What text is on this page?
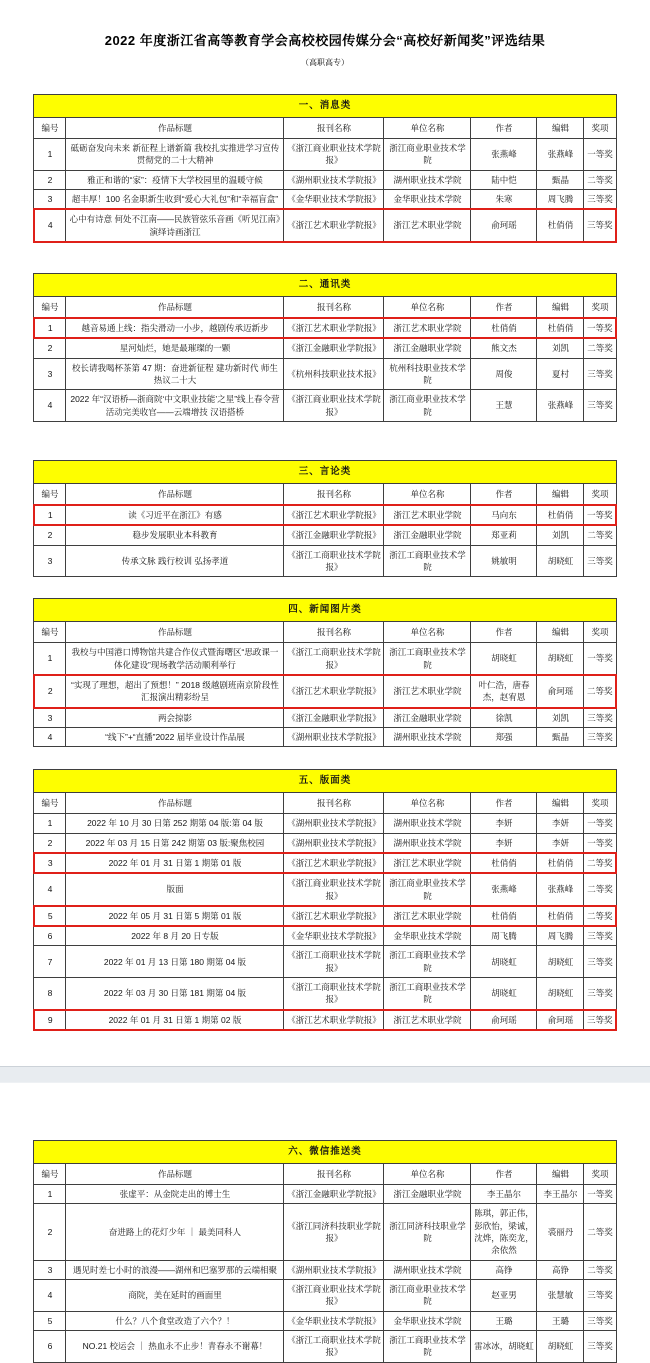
2022 年度浙江省高等教育学会高校校园传媒分会“高校好新闻奖”评选结果
（高职高专）
一、消息类						
编号	作品标题	报刊名称	单位名称	作者	编辑	奖项
1	砥砺奋发向未来 新征程上谱新篇 我校扎实推进学习宣传贯彻党的二十大精神	《浙江商业职业技术学院报》	浙江商业职业技术学院	张燕峰	张燕峰	一等奖
2	雅正和谐的“家”：疫情下大学校园里的温暖守候	《湖州职业技术学院报》	湖州职业技术学院	陆中恺	甄晶	二等奖
3	超丰厚！100 名金职新生收到“爱心大礼包”和“幸福盲盒”	《金华职业技术学院报》	金华职业技术学院	朱寒	周飞腾	三等奖
4	心中有诗意 何处不江南——民族管弦乐音画《听见江南》演绎诗画浙江	《浙江艺术职业学院报》	浙江艺术职业学院	俞珂瑶	杜俏俏	三等奖
二、通讯类						
编号	作品标题	报刊名称	单位名称	作者	编辑	奖项
1	越音易通上线：指尖滑动一小步，越剧传承迈新步	《浙江艺术职业学院报》	浙江艺术职业学院	杜俏俏	杜俏俏	一等奖
2	星河灿烂，她是最璀璨的一颗	《浙江金融职业学院报》	浙江金融职业学院	熊文杰	刘凯	二等奖
3	校长请我喝杯茶第 47 期：奋进新征程 建功新时代 师生热议二十大	《杭州科技职业技术报》	杭州科技职业技术学院	周俊	夏村	三等奖
4	2022 年“汉语桥—浙商院‘中文职业技能’之星”线上春令营活动完美收官——云端增技 汉语搭桥	《浙江商业职业技术学院报》	浙江商业职业技术学院	王慧	张燕峰	三等奖
三、言论类						
编号	作品标题	报刊名称	单位名称	作者	编辑	奖项
1	读《习近平在浙江》有感	《浙江艺术职业学院报》	浙江艺术职业学院	马向东	杜俏俏	一等奖
2	稳步发展职业本科教育	《浙江金融职业学院报》	浙江金融职业学院	郑亚莉	刘凯	二等奖
3	传承文脉 践行校训 弘扬孝道	《浙江工商职业技术学院报》	浙江工商职业技术学院	姚敏明	胡晓虹	三等奖
四、新闻图片类						
编号	作品标题	报刊名称	单位名称	作者	编辑	奖项
1	我校与中国港口博物馆共建合作仪式暨海曙区“思政课一体化建设”现场教学活动顺利举行	《浙江工商职业技术学院报》	浙江工商职业技术学院	胡晓虹	胡晓虹	一等奖
2	“实现了理想，超出了预想！” 2018 级越剧班南京阶段性汇报演出精彩纷呈	《浙江艺术职业学院报》	浙江艺术职业学院	叶仁浩，唐春杰，赵宥恩	俞珂瑶	二等奖
3	两会掠影	《浙江金融职业学院报》	浙江金融职业学院	徐凯	刘凯	三等奖
4	“线下”+“直播”2022 届毕业设计作品展	《湖州职业技术学院报》	湖州职业技术学院	郑强	甄晶	三等奖
五、版面类						
编号	作品标题	报刊名称	单位名称	作者	编辑	奖项
1	2022 年 10 月 30 日第 252 期第 04 版:第 04 版	《湖州职业技术学院报》	湖州职业技术学院	李妍	李妍	一等奖
2	2022 年 03 月 15 日第 242 期第 03 版:聚焦校园	《湖州职业技术学院报》	湖州职业技术学院	李妍	李妍	一等奖
3	2022 年 01 月 31 日第 1 期第 01 版	《浙江艺术职业学院报》	浙江艺术职业学院	杜俏俏	杜俏俏	二等奖
4	版面	《浙江商业职业技术学院报》	浙江商业职业技术学院	张燕峰	张燕峰	二等奖
5	2022 年 05 月 31 日第 5 期第 01 版	《浙江艺术职业学院报》	浙江艺术职业学院	杜俏俏	杜俏俏	二等奖
6	2022 年 8 月 20 日专版	《金华职业技术学院报》	金华职业技术学院	周飞腾	周飞腾	三等奖
7	2022 年 01 月 13 日第 180 期第 04 版	《浙江工商职业技术学院报》	浙江工商职业技术学院	胡晓虹	胡晓虹	三等奖
8	2022 年 03 月 30 日第 181 期第 04 版	《浙江工商职业技术学院报》	浙江工商职业技术学院	胡晓虹	胡晓虹	三等奖
9	2022 年 01 月 31 日第 1 期第 02 版	《浙江艺术职业学院报》	浙江艺术职业学院	俞珂瑶	俞珂瑶	三等奖
六、微信推送类						
编号	作品标题	报刊名称	单位名称	作者	编辑	奖项
1	张虚平：从金院走出的博士生	《浙江金融职业学院报》	浙江金融职业学院	李王晶尔	李王晶尔	一等奖
2	奋进路上的花灯少年 ｜ 最美同科人	《浙江同济科技职业学院报》	浙江同济科技职业学院	陈琪，郭正伟，彭欣怡，梁诚，沈烨，陈奕龙，余依然	裘丽丹	二等奖
3	遇见时差七小时的浪漫——湖州和巴塞罗那的云端相聚	《湖州职业技术学院报》	湖州职业技术学院	高铮	高铮	二等奖
4	商院，美在延时的画面里	《浙江商业职业技术学院报》	浙江商业职业技术学院	赵亚男	张慧敏	三等奖
5	什么？八个食堂改造了六个？！	《金华职业技术学院报》	金华职业技术学院	王璐	王璐	三等奖
6	NO.21 校运会 ｜ 热血永不止步！青春永不谢幕！	《浙江工商职业技术学院报》	浙江工商职业技术学院	雷冰冰，胡晓虹	胡晓虹	三等奖
